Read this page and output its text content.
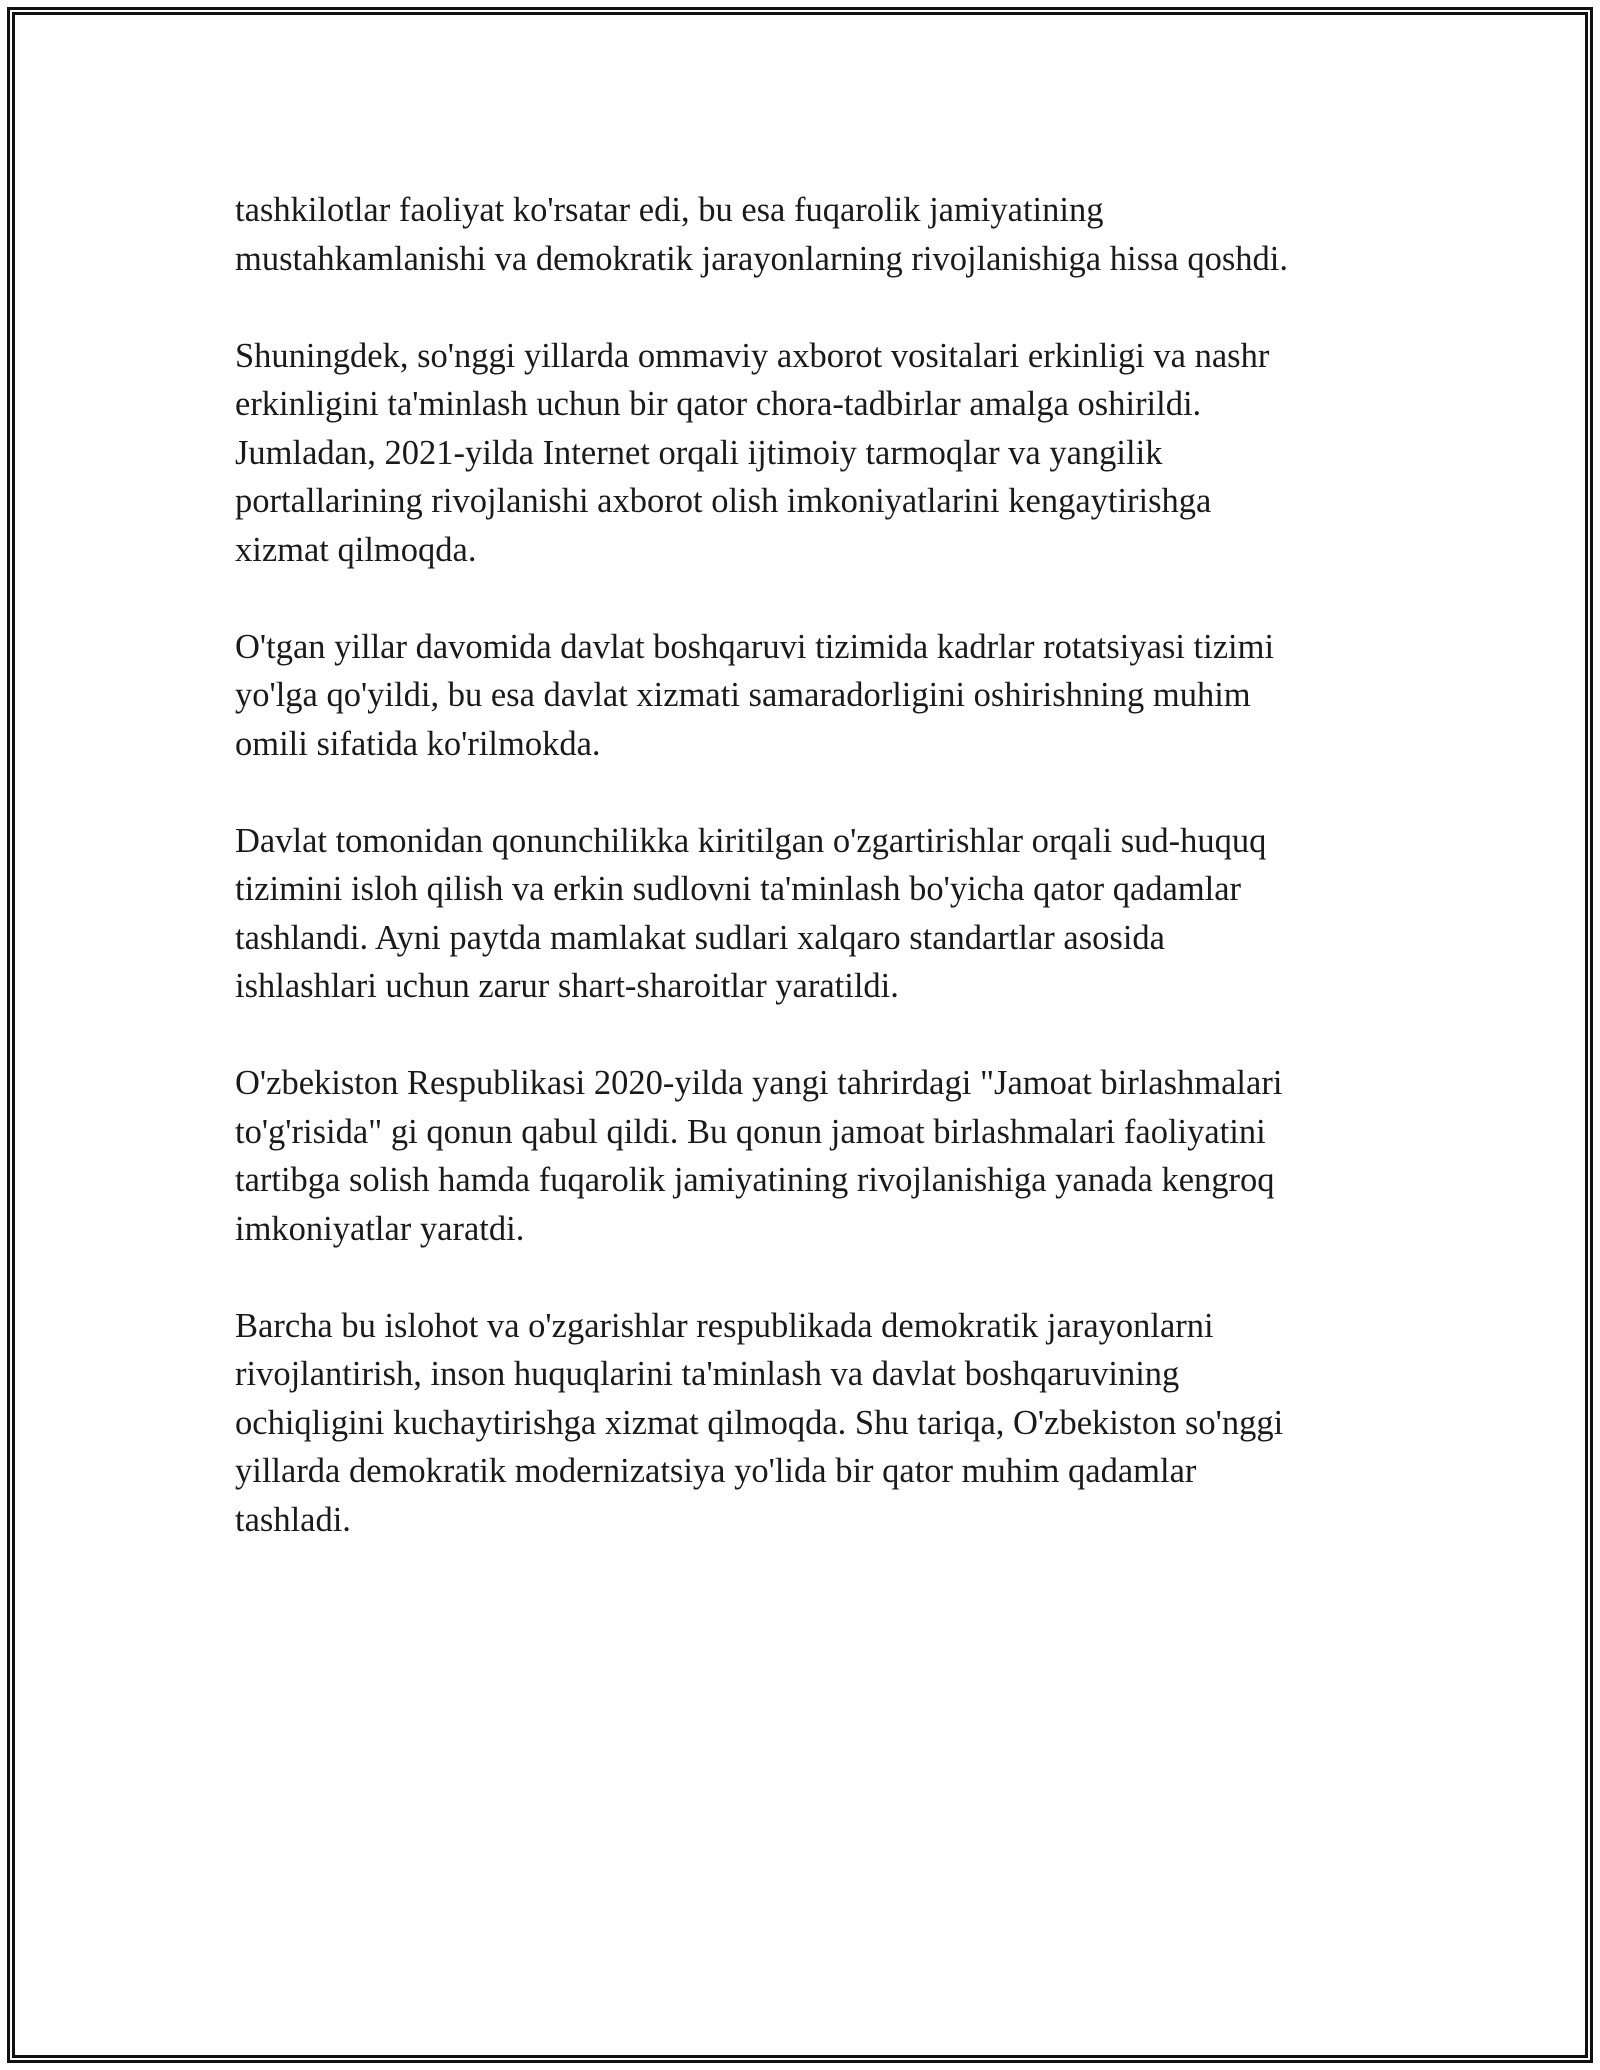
tashkilotlar faoliyat ko'rsatar edi, bu esa fuqarolik jamiyatining
mustahkamlanishi va demokratik jarayonlarning rivojlanishiga hissa qoshdi.

Shuningdek, so'nggi yillarda ommaviy axborot vositalari erkinligi va nashr
erkinligini ta'minlash uchun bir qator chora-tadbirlar amalga oshirildi.
Jumladan, 2021-yilda Internet orqali ijtimoiy tarmoqlar va yangilik
portallarining rivojlanishi axborot olish imkoniyatlarini kengaytirishga
xizmat qilmoqda.

O'tgan yillar davomida davlat boshqaruvi tizimida kadrlar rotatsiyasi tizimi
yo'lga qo'yildi, bu esa davlat xizmati samaradorligini oshirishning muhim
omili sifatida ko'rilmokda.

Davlat tomonidan qonunchilikka kiritilgan o'zgartirishlar orqali sud-huquq
tizimini isloh qilish va erkin sudlovni ta'minlash bo'yicha qator qadamlar
tashlandi. Ayni paytda mamlakat sudlari xalqaro standartlar asosida
ishlashlari uchun zarur shart-sharoitlar yaratildi.

O'zbekiston Respublikasi 2020-yilda yangi tahrirdagi "Jamoat birlashmalari
to'g'risida" gi qonun qabul qildi. Bu qonun jamoat birlashmalari faoliyatini
tartibga solish hamda fuqarolik jamiyatining rivojlanishiga yanada kengroq
imkoniyatlar yaratdi.

Barcha bu islohot va o'zgarishlar respublikada demokratik jarayonlarni
rivojlantirish, inson huquqlarini ta'minlash va davlat boshqaruvining
ochiqligini kuchaytirishga xizmat qilmoqda. Shu tariqa, O'zbekiston so'nggi
yillarda demokratik modernizatsiya yo'lida bir qator muhim qadamlar
tashladi.
